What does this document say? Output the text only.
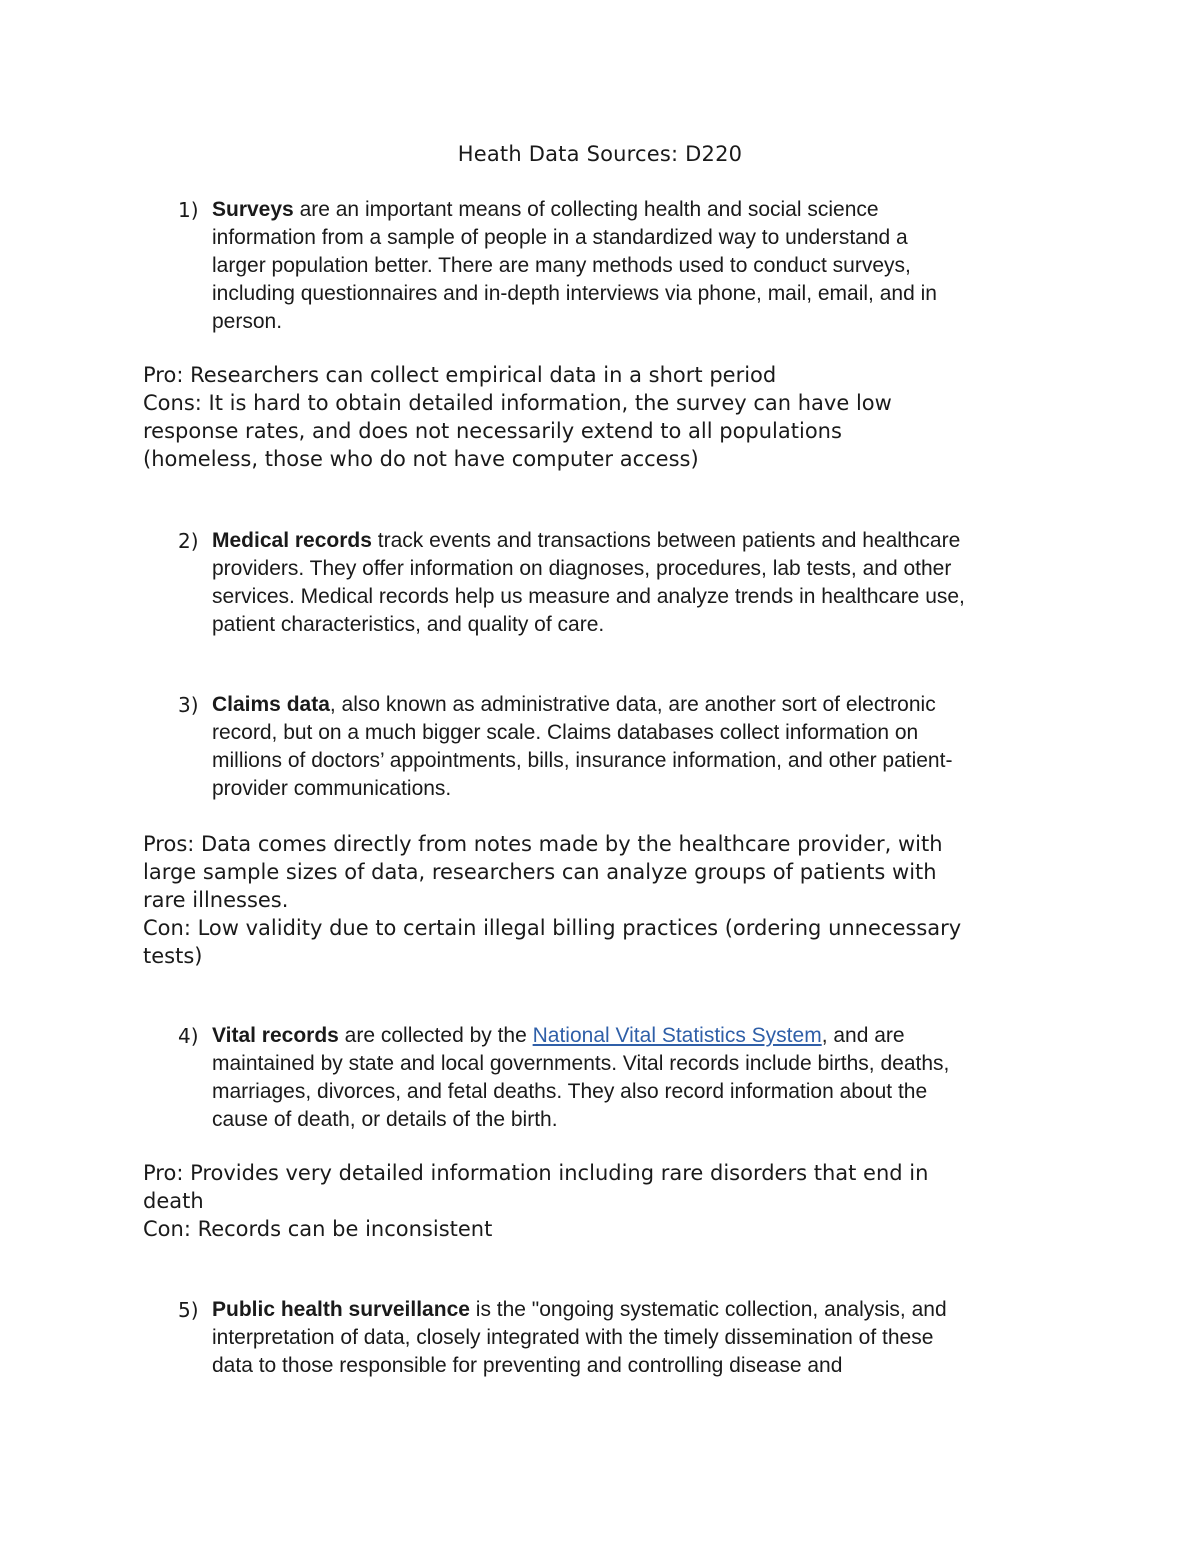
Heath Data Sources: D220
1) Surveys are an important means of collecting health and social science
information from a sample of people in a standardized way to understand a
larger population better. There are many methods used to conduct surveys,
including questionnaires and in-depth interviews via phone, mail, email, and in
person.
Pro: Researchers can collect empirical data in a short period
Cons: It is hard to obtain detailed information, the survey can have low
response rates, and does not necessarily extend to all populations
(homeless, those who do not have computer access)
2) Medical records track events and transactions between patients and healthcare
providers. They offer information on diagnoses, procedures, lab tests, and other
services. Medical records help us measure and analyze trends in healthcare use,
patient characteristics, and quality of care.
3) Claims data, also known as administrative data, are another sort of electronic
record, but on a much bigger scale. Claims databases collect information on
millions of doctors’ appointments, bills, insurance information, and other patient-
provider communications.
Pros: Data comes directly from notes made by the healthcare provider, with
large sample sizes of data, researchers can analyze groups of patients with
rare illnesses.
Con: Low validity due to certain illegal billing practices (ordering unnecessary
tests)
4) Vital records are collected by the National Vital Statistics System, and are
maintained by state and local governments. Vital records include births, deaths,
marriages, divorces, and fetal deaths. They also record information about the
cause of death, or details of the birth.
Pro: Provides very detailed information including rare disorders that end in
death
Con: Records can be inconsistent
5) Public health surveillance is the "ongoing systematic collection, analysis, and
interpretation of data, closely integrated with the timely dissemination of these
data to those responsible for preventing and controlling disease and
